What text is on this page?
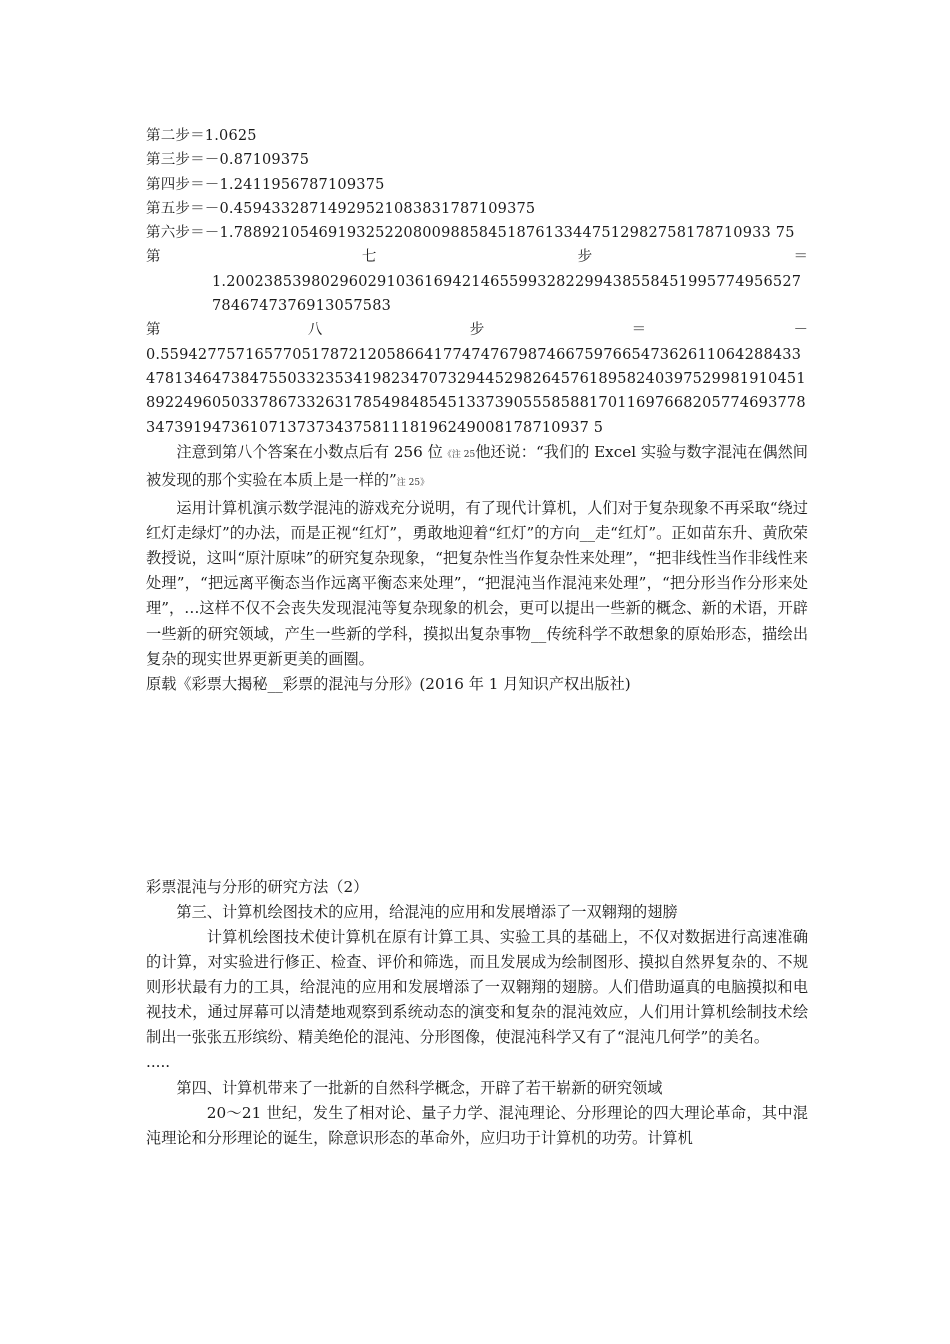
第二步＝1.0625
第三步＝－0.87109375
第四步＝－1.2411956787109375
第五步＝－0.459433287149295210838317871093​75
第六步＝－1.788921054691932522080098858451876133447512982758178710933 75
第	七	步	＝
1.20023853980296029103616942146559932822994385584519957749565277846747376913057583
第	八	步	＝	－
0.559427757165770517872120586641774747679874667597665473626110642884334781346473847550332353419823470732944529826457618958240397529981910451892249605033786733263178549848545133739055585881701169766820577469377834739194736107137373437581118196249008178710937 5
注意到第八个答案在小数点后有 256 位《注 25他还说：“我们的 Excel 实验与数字混沌在偶然间被发现的那个实验在本质上是一样的”注 25》
运用计算机演示数学混沌的游戏充分说明，有了现代计算机，人们对于复杂现象不再采取“绕过红灯走绿灯”的办法，而是正视“红灯”，勇敢地迎着“红灯”的方向__走“红灯”。正如苗东升、黄欣荣教授说，这叫“原汁原味”的研究复杂现象，“把复杂性当作复杂性来处理”，“把非线性当作非线性来处理”，“把远离平衡态当作远离平衡态来处理”，“把混沌当作混沌来处理”，“把分形当作分形来处理”，…这样不仅不会丧失发现混沌等复杂现象的机会，更可以提出一些新的概念、新的术语，开辟一些新的研究领域，产生一些新的学科，摸拟出复杂事物__传统科学不敢想象的原始形态，描绘出复杂的现实世界更新更美的画圈。
原载《彩票大揭秘__彩票的混沌与分形》(2016 年 1 月知识产权出版社)
彩票混沌与分形的研究方法（2）
第三、计算机绘图技术的应用，给混沌的应用和发展增添了一双翱翔的翅膀
计算机绘图技术使计算机在原有计算工具、实验工具的基础上，不仅对数据进行高速准确的计算，对实验进行修正、检查、评价和筛选，而且发展成为绘制图形、摸拟自然界复杂的、不规则形状最有力的工具，给混沌的应用和发展增添了一双翱翔的翅膀。人们借助逼真的电脑摸拟和电视技术，通过屏幕可以清楚地观察到系统动态的演变和复杂的混沌效应，人们用计算机绘制技术绘制出一张张五形缤纷、精美绝伦的混沌、分形图像，使混沌科学又有了“混沌几何学”的美名。
.....
第四、计算机带来了一批新的自然科学概念，开辟了若干崭新的研究领域
20～21 世纪，发生了相对论、量子力学、混沌理论、分形理论的四大理论革命，其中混沌理论和分形理论的诞生，除意识形态的革命外，应归功于计算机的功劳。计算机
